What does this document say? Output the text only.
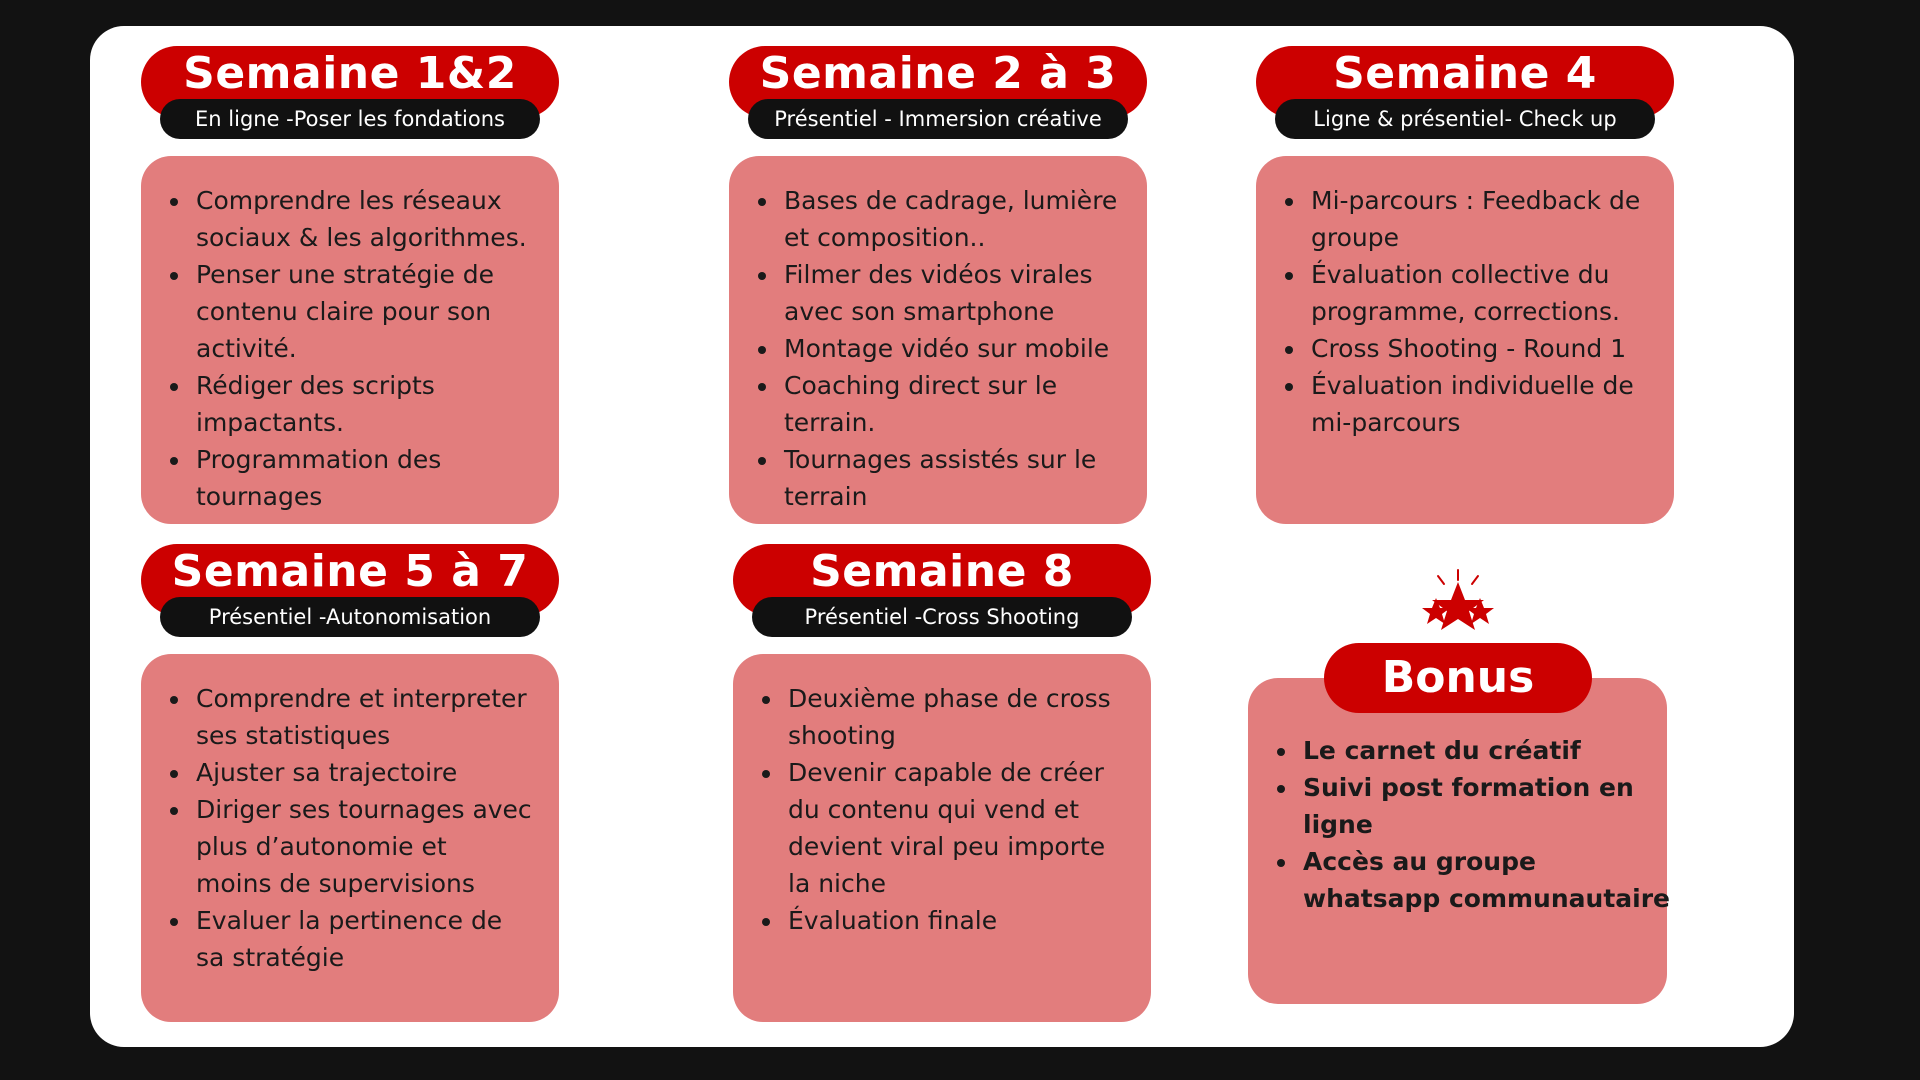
Semaine 1&2
En ligne -Poser les fondations
• Comprendre les réseaux
sociaux & les algorithmes.
• Penser une stratégie de
contenu claire pour son
activité.
• Rédiger des scripts
impactants.
• Programmation des
tournages
Semaine 2 à 3
Présentiel - Immersion créative
• Bases de cadrage, lumière
et composition..
• Filmer des vidéos virales
avec son smartphone
• Montage vidéo sur mobile
• Coaching direct sur le
terrain.
• Tournages assistés sur le
terrain
Semaine 4
Ligne & présentiel- Check up
• Mi-parcours : Feedback de
groupe
• Évaluation collective du
programme, corrections.
• Cross Shooting - Round 1
• Évaluation individuelle de
mi-parcours
Semaine 5 à 7
Présentiel -Autonomisation
• Comprendre et interpreter
ses statistiques
• Ajuster sa trajectoire
• Diriger ses tournages avec
plus d’autonomie et
moins de supervisions
• Evaluer la pertinence de
sa stratégie
Semaine 8
Présentiel -Cross Shooting
• Deuxième phase de cross
shooting
• Devenir capable de créer
du contenu qui vend et
devient viral peu importe
la niche
• Évaluation finale
• Le carnet du créatif
• Suivi post formation en
ligne
• Accès au groupe
whatsapp communautaire
Bonus
